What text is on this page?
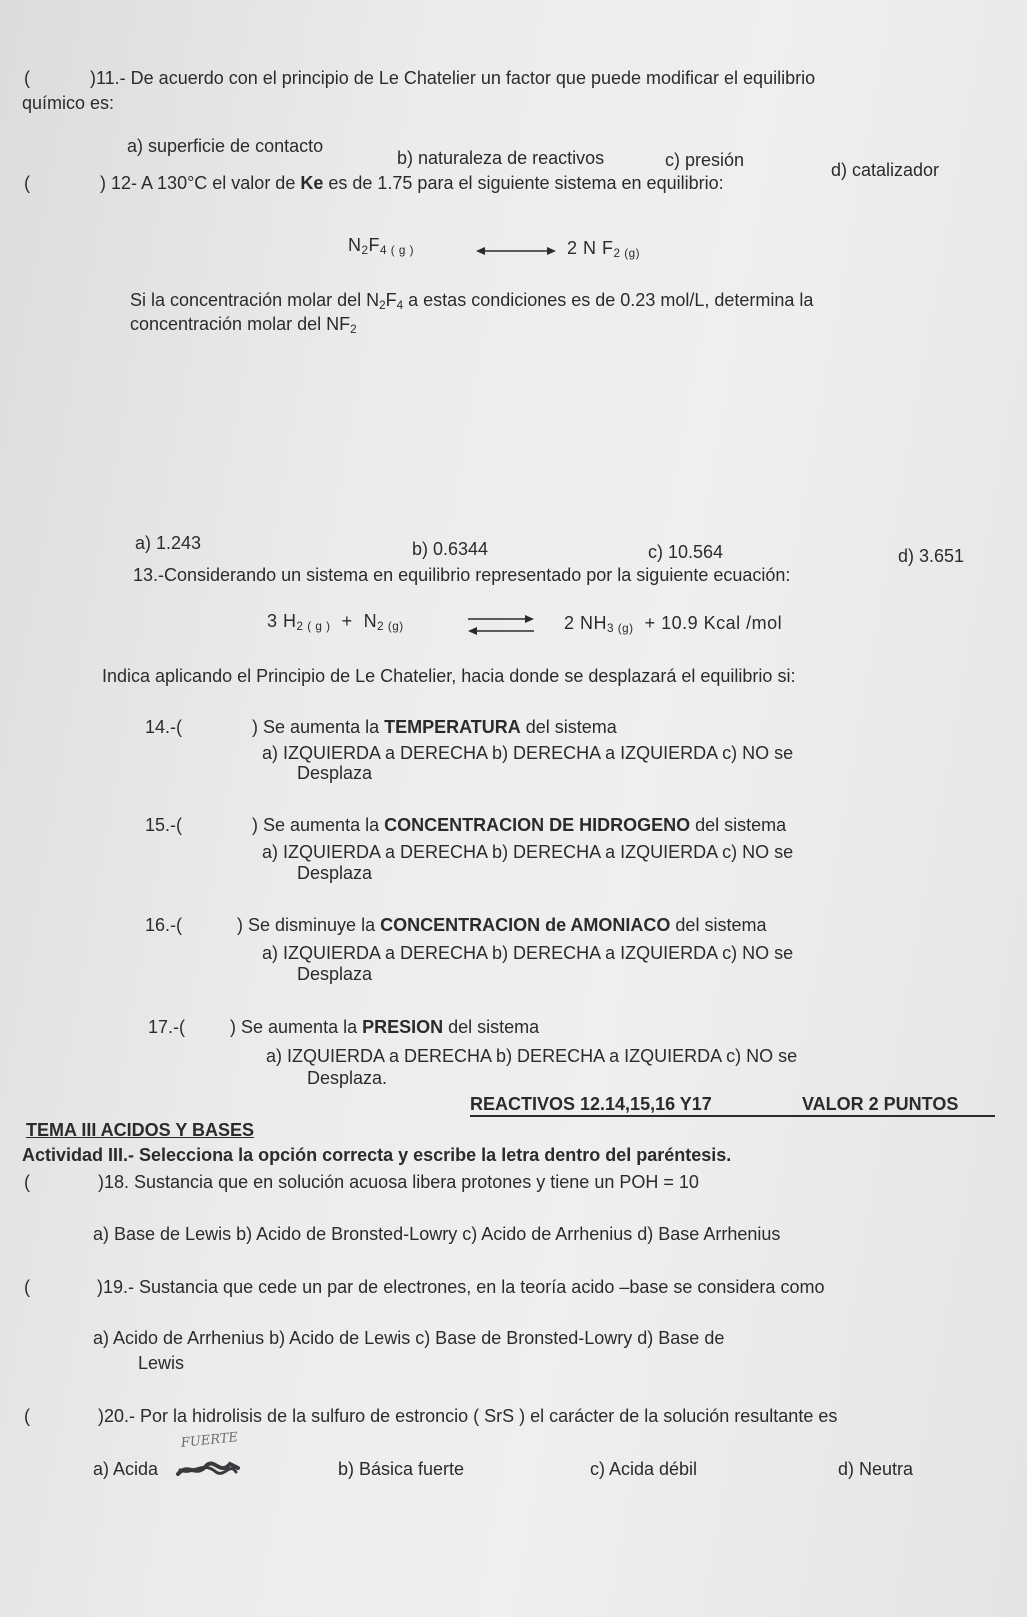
(	)11.- De acuerdo con el principio de Le Chatelier un factor que puede modificar el equilibrio
químico es:
a) superficie de contacto
b) naturaleza de reactivos	c) presión	d) catalizador
(	) 12- A 130°C el valor de Ke es de 1.75 para el siguiente sistema en equilibrio:
$N_2F_{4 ( g )}$	2 N $F_{2 (g)}$
Si la concentración molar del $N_2F_4$ a estas condiciones es de 0.23 mol/L, determina la
concentración molar del $NF_2$
a) 1.243	b) 0.6344	c) 10.564	d) 3.651
13.-Considerando un sistema en equilibrio representado por la siguiente ecuación:
3 $H_{2 ( g )} + N_{2 (g)}$	2 $NH_{3 (g)} + 10.9$ Kcal /mol
Indica aplicando el Principio de Le Chatelier, hacia donde se desplazará el equilibrio si:
14.-(	) Se aumenta la TEMPERATURA del sistema
a) IZQUIERDA a DERECHA b) DERECHA a IZQUIERDA c) NO se
Desplaza
15.-(	) Se aumenta la CONCENTRACION DE HIDROGENO del sistema
a) IZQUIERDA a DERECHA b) DERECHA a IZQUIERDA c) NO se
Desplaza
16.-(	) Se disminuye la CONCENTRACION de AMONIACO del sistema
a) IZQUIERDA a DERECHA b) DERECHA a IZQUIERDA c) NO se
Desplaza
17.-(	) Se aumenta la PRESION del sistema
a) IZQUIERDA a DERECHA b) DERECHA a IZQUIERDA c) NO se
Desplaza.
REACTIVOS 12.14,15,16 Y17	VALOR 2 PUNTOS
TEMA III ACIDOS Y BASES
Actividad III.- Selecciona la opción correcta y escribe la letra dentro del paréntesis.
(	)18. Sustancia que en solución acuosa libera protones y tiene un POH = 10
a) Base de Lewis b) Acido de Bronsted-Lowry c) Acido de Arrhenius d) Base Arrhenius
(	)19.- Sustancia que cede un par de electrones, en la teoría acido –base se considera como
a) Acido de Arrhenius b) Acido de Lewis c) Base de Bronsted-Lowry d) Base de
Lewis
(	)20.- Por la hidrolisis de la sulfuro de estroncio ( SrS ) el carácter de la solución resultante es
FUERTE
a) Acida	b) Básica fuerte	c) Acida débil	d) Neutra
